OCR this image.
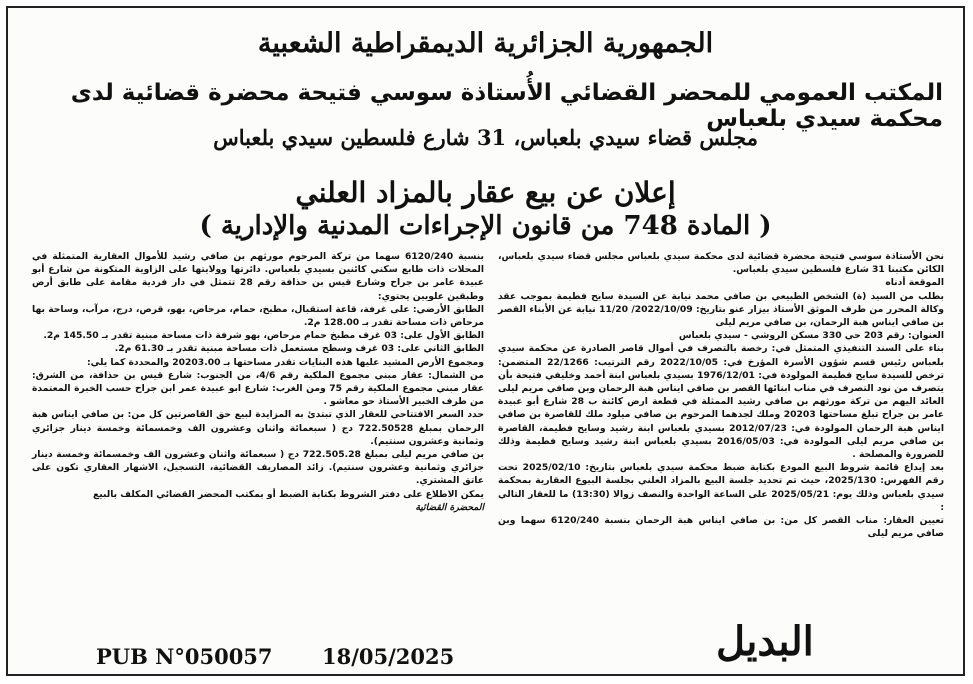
الجمهورية الجزائرية الديمقراطية الشعبية
المكتب العمومي للمحضر القضائي الأُستاذة سوسي فتيحة محضرة قضائية لدى محكمة سيدي بلعباس
مجلس قضاء سيدي بلعباس، 31 شارع فلسطين سيدي بلعباس
إعلان عن بيع عقار بالمزاد العلني
( المادة 748 من قانون الإجراءات المدنية والإدارية )

نحن الأستاذة سوسي فتيحة محضرة قضائية لدى محكمة سيدي بلعباس مجلس قضاء سيدي بلعباس، الكائن مكتبنا 31 شارع فلسطين سيدي بلعباس.

الموقعة أدناه

بطلب من السيد (ة) الشخص الطبيعي بن صافي محمد نيابة عن السيدة سايح فطيمة بموجب عقد وكالة المحرر من طرف الموثق الأستاذ بيزار عنو بتاريخ: 2022/10/09/ 11/20 نيابة عن الأبناء القصر بن صافي ايناس هبة الرحمان، بن صافي مريم ليلى

العنوان: رقم 203 حي 330 مسكن الروشي - سيدي بلعباس

بناء على السند التنفيذي المتمثل في: رخصة بالتصرف في أموال قاصر الصادرة عن محكمة سيدي بلعباس رئيس قسم شؤون الأسرة المؤرخ في: 2022/10/05 رقم الترتيب: 22/1266 المتضمن: ترخص للسيدة سايح فطيمة المولودة في: 1976/12/01 بسيدي بلعباس ابنة أحمد وخليفي فتيحة بأن يتصرف من نود التصرف في مناب ابنائها القصر بن صافي ايناس هبة الرحمان وبن صافي مريم ليلى العائد اليهم من تركة مورثهم بن صافي رشيد الممثلة في قطعة ارض كائنة ب 28 شارع أبو عبيدة عامر بن جراح تبلغ مساحتها 20203 وملك لجدهما المرحوم بن صافي ميلود ملك للقاصرة بن صافي ايناس هبة الرحمان المولودة في: 2012/07/23 بسيدي بلعباس ابنة رشيد وسايح فطيمة، القاصرة بن صافي مريم ليلى المولودة في: 2016/05/03 بسيدي بلعباس ابنة رشيد وسايح فطيمة وذلك للضرورة والمصلحة .

بعد إيداع قائمة شروط البيع المودع بكتابة ضبط محكمة سيدي بلعباس بتاريخ: 2025/02/10 تحت رقم الفهرس: 2025/130، حيث تم تحديد جلسة البيع بالمزاد العلني بجلسة البيوع العقارية بمحكمة سيدي بلعباس وذلك يوم: 2025/05/21 على الساعة الواحدة والنصف زوالا (13:30) ما للعقار التالي :

تعيين العقار: مناب القصر كل من: بن صافي ايناس هبة الرحمان بنسبة 6120/240 سهما وبن صافي مريم ليلى

بنسبة 6120/240 سهما من تركة المرحوم مورثهم بن صافي رشيد للأموال العقارية المتمثلة في المحلات ذات طابع سكني كائنين بسيدي بلعباس. دائرتها وولايتها على الزاوية المتكونة من شارع أبو عبيدة عامر بن جراح وشارع قيس بن حذافة رقم 28 تتمثل في دار فردية مقامة على طابق أرض وطبقين علويين يحتوي:

الطابق الأرضي: على غرفة، قاعة استقبال، مطبخ، حمام، مرحاض، بهو، قرص، درج، مرآب، وساحة بها مرحاض ذات مساحة تقدر بـ 128.00 م2.

الطابق الأول على: 03 غرف مطبخ حمام مرحاض، بهو شرفة ذات مساحة مبنية تقدر بـ 145.50 م2.

الطابق الثاني على: 03 غرف وسطح مستعمل ذات مساحة مبنية تقدر بـ 61.30 م2.

ومجموع الأرض المشيد عليها هذه البنايات تقدر مساحتها بـ 20203.00 والمحددة كما يلي:

من الشمال: عقار مبني مجموع الملكية رقم 4/6، من الجنوب: شارع قيس بن حذافة، من الشرق: عقار مبني مجموع الملكية رقم 75 ومن الغرب: شارع ابو عبيدة عمر ابن جراح حسب الخبرة المعتمدة من طرف الخبير الأستاذ حو معاشو .

حدد السعر الافتتاحي للعقار الذي تبتدئ به المزايدة لبيع حق القاصرتين كل من: بن صافي ايناس هبة الرحمان بمبلغ 722.50528 دج ( سبعمائة واثنان وعشرون الف وخمسمائة وخمسة دينار جزائري وثمانية وعشرون سنتيم).

بن صافي مريم ليلى بمبلغ 722.505.28 دج ( سبعمائة واثنان وعشرون الف وخمسمائة وخمسة دينار جزائري وثمانية وعشرون سنتيم). زائد المصاريف القضائية، التسجيل، الاشهار العقاري تكون على عاتق المشتري.

يمكن الاطلاع على دفتر الشروط بكتابة الضبط أو بمكتب المحضر القضائي المكلف بالبيع

المحضرة القضائية

PUB N°050057 18/05/2025	البديل
